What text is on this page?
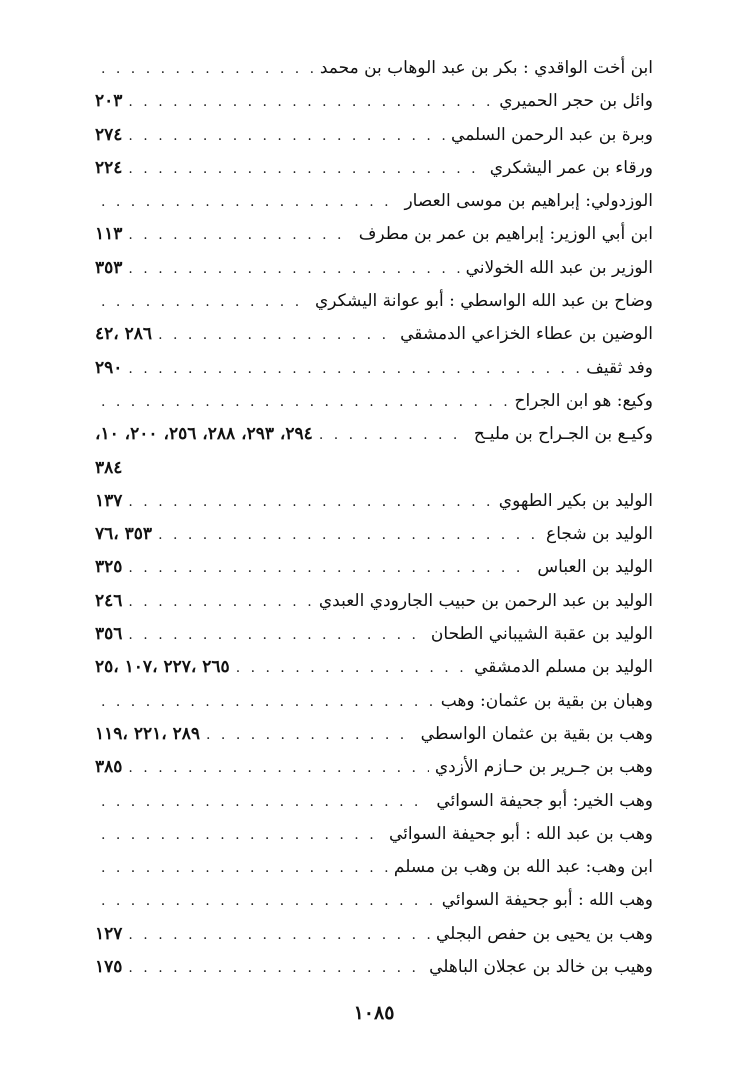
ابن أخت الواقدي : بكر بن عبد الوهاب بن محمد
. . .
وائل بن حجر الحميري
. . .
٢٠٣
وبرة بن عبد الرحمن السلمي
. . .
٢٧٤
ورقاء بن عمر اليشكري
. . .
٢٢٤
الوزدولي: إبراهيم بن موسى العصار
. . .
ابن أبي الوزير: إبراهيم بن عمر بن مطرف
. . .
١١٣
الوزير بن عبد الله الخولاني
. . .
٣٥٣
وضاح بن عبد الله الواسطي : أبو عوانة اليشكري
. . .
الوضين بن عطاء الخزاعي الدمشقي
. . .
٢٨٦ ،٤٢
وفد ثقيف
. . .
٢٩٠
وكيع: هو ابن الجراح
. . .
وكيـع بن الجـراح بن مليـح
. . .
٢٩٤، ٢٩٣، ٢٨٨، ٢٥٦، ٢٠٠، ١٠،
٣٨٤
الوليد بن بكير الطهوي
. . .
١٣٧
الوليد بن شجاع
. . .
٣٥٣ ،٧٦
الوليد بن العباس
. . .
٣٢٥
الوليد بن عبد الرحمن بن حبيب الجارودي العبدي
. . .
٢٤٦
الوليد بن عقبة الشيباني الطحان
. . .
٣٥٦
الوليد بن مسلم الدمشقي
. . .
٢٦٥ ،٢٢٧ ،١٠٧ ،٢٥
وهبان بن بقية بن عثمان: وهب
. . .
وهب بن بقية بن عثمان الواسطي
. . .
٢٨٩ ،٢٢١ ،١١٩
وهب بن جـرير بن حـازم الأزدي
. . .
٣٨٥
وهب الخير: أبو جحيفة السوائي
. . .
وهب بن عبد الله : أبو جحيفة السوائي
. . .
ابن وهب: عبد الله بن وهب بن مسلم
. . .
وهب الله : أبو جحيفة السوائي
. . .
وهب بن يحيى بن حفص البجلي
. . .
١٢٧
وهيب بن خالد بن عجلان الباهلي
. . .
١٧٥
١٠٨٥
